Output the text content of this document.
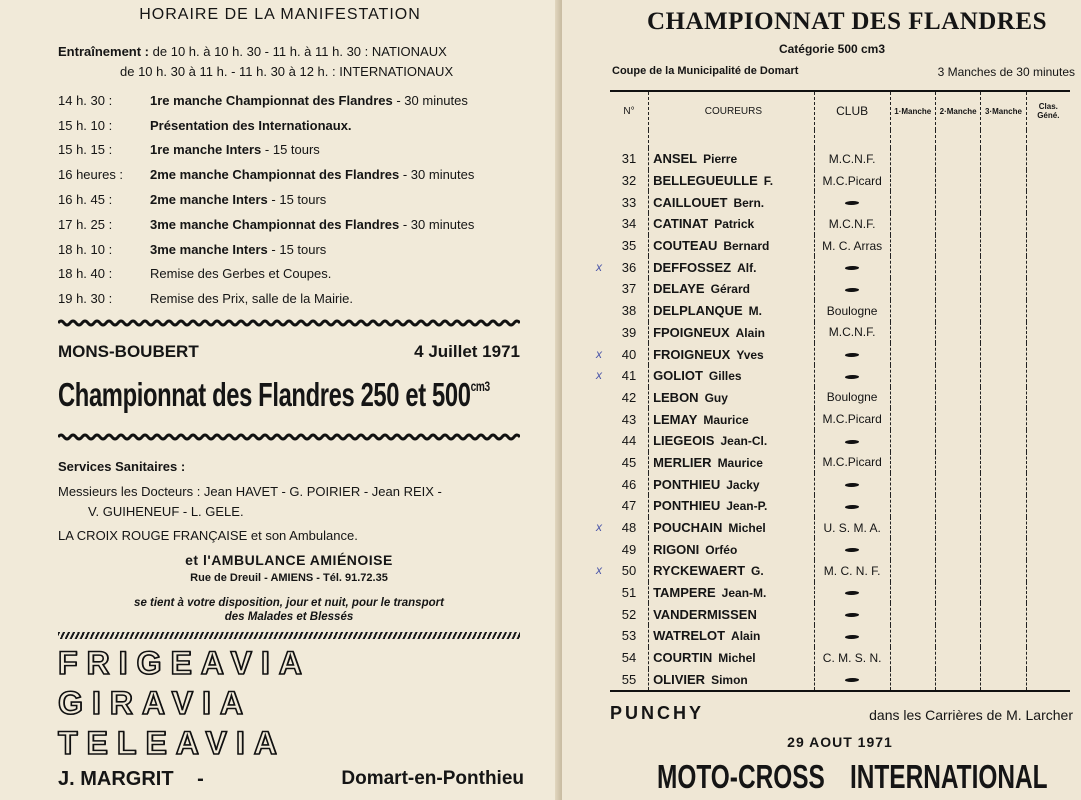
HORAIRE DE LA MANIFESTATION
Entraînement : de 10 h. à 10 h. 30 - 11 h. à 11 h. 30 : NATIONAUX
de 10 h. 30 à 11 h. - 11 h. 30 à 12 h. : INTERNATIONAUX
14 h. 30 :	1re manche Championnat des Flandres - 30 minutes
15 h. 10 :	Présentation des Internationaux.
15 h. 15 :	1re manche Inters - 15 tours
16 heures :	2me manche Championnat des Flandres - 30 minutes
16 h. 45 :	2me manche Inters - 15 tours
17 h. 25 :	3me manche Championnat des Flandres - 30 minutes
18 h. 10 :	3me manche Inters - 15 tours
18 h. 40 :	Remise des Gerbes et Coupes.
19 h. 30 :	Remise des Prix, salle de la Mairie.
MONS-BOUBERT	4 Juillet 1971
Championnat des Flandres 250 et $500^{cm3}$
Services Sanitaires :
Messieurs les Docteurs : Jean HAVET - G. POIRIER - Jean REIX -
V. GUIHENEUF - L. GELE.
LA CROIX ROUGE FRANÇAISE et son Ambulance.
et l'AMBULANCE AMIÉNOISE
Rue de Dreuil - AMIENS - Tél. 91.72.35
se tient à votre disposition, jour et nuit, pour le transport
des Malades et Blessés
FRIGEAVIA
GIRAVIA
TELEAVIA
J. MARGRIT -	Domart-en-Ponthieu
CHAMPIONNAT DES FLANDRES
Catégorie 500 cm3
Coupe de la Municipalité de Domart	3 Manches de 30 minutes
N°	COUREURS	CLUB	1·Manche	2·Manche	3·Manche	Clas. Géné.

31	ANSEL Pierre	M.C.N.F.				
32	BELLEGUEULLE F.	M.C.Picard				
33	CAILLOUET Bern.					
34	CATINAT Patrick	M.C.N.F.				
35	COUTEAU Bernard	M. C. Arras				

x 36	DEFFOSSEZ Alf.					
37	DELAYE Gérard					
38	DELPLANQUE M.	Boulogne				
39	FPOIGNEUX Alain	M.C.N.F.				

x 40	FROIGNEUX Yves					

x 41	GOLIOT Gilles					
42	LEBON Guy	Boulogne				
43	LEMAY Maurice	M.C.Picard				
44	LIEGEOIS Jean-Cl.					
45	MERLIER Maurice	M.C.Picard				
46	PONTHIEU Jacky					
47	PONTHIEU Jean-P.					

x 48	POUCHAIN Michel	U. S. M. A.				
49	RIGONI Orféo					

x 50	RYCKEWAERT G.	M. C. N. F.				
51	TAMPERE Jean-M.					
52	VANDERMISSEN					
53	WATRELOT Alain					
54	COURTIN Michel	C. M. S. N.				
55	OLIVIER Simon					
PUNCHY	dans les Carrières de M. Larcher
29 AOUT 1971
MOTO-CROSS INTERNATIONAL
